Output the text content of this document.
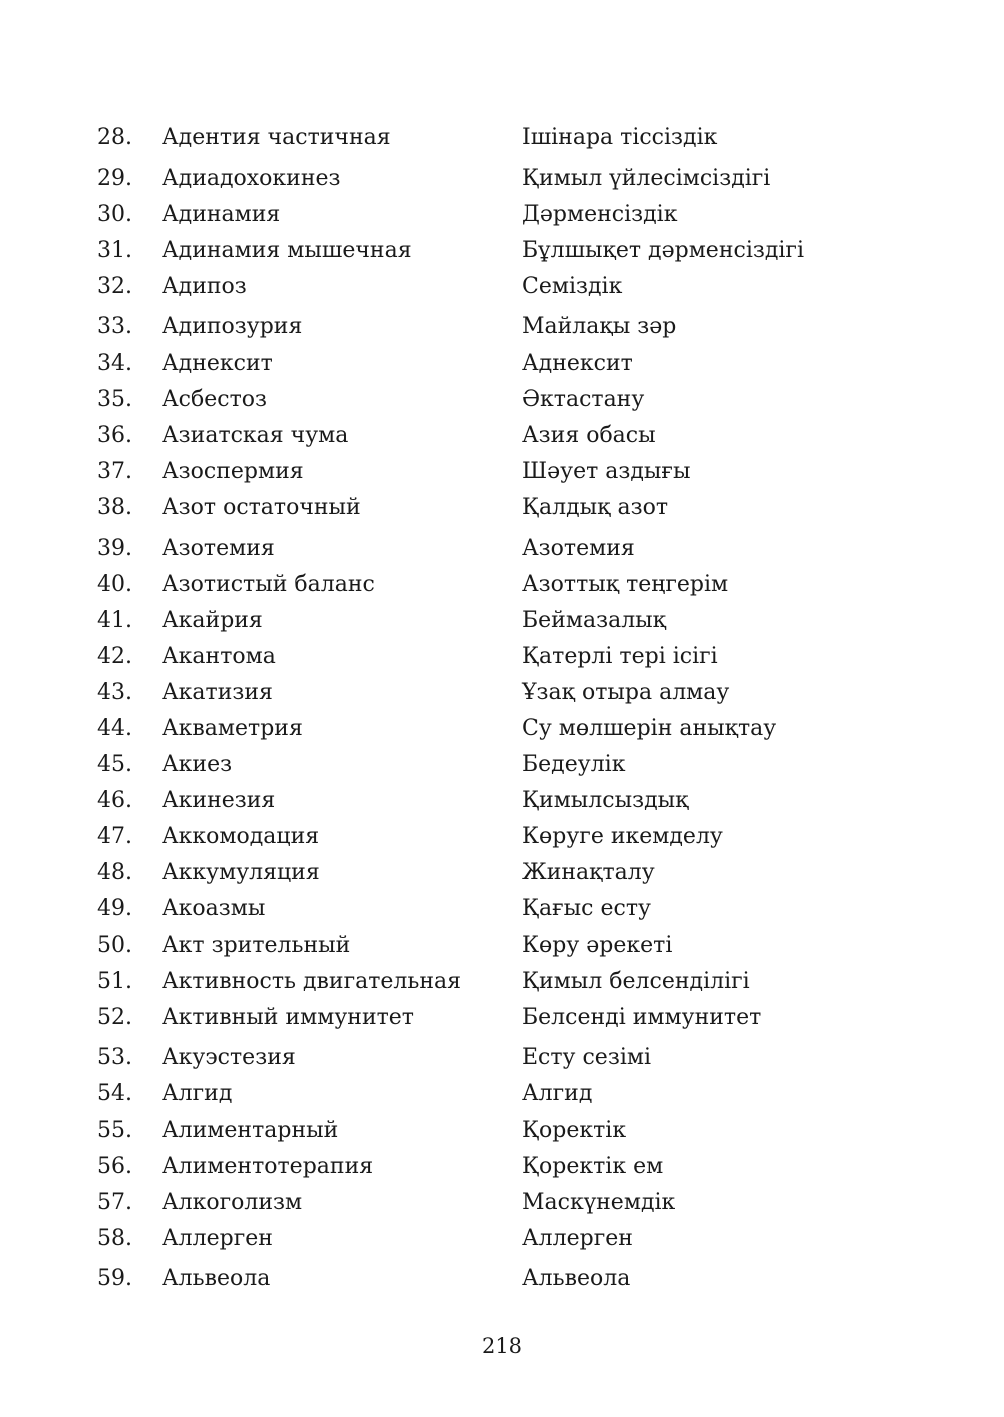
28. Адентия частичная	Ішінара тіссіздік
29. Адиадохокинез	Қимыл үйлесімсіздігі
30. Адинамия	Дәрменсіздік
31. Адинамия мышечная	Бұлшықет дәрменсіздігі
32. Адипоз	Семіздік
33. Адипозурия	Майлақы зәр
34. Аднексит	Аднексит
35. Асбестоз	Әктастану
36. Азиатская чума	Азия обасы
37. Азоспермия	Шәует аздығы
38. Азот остаточный	Қалдық азот
39. Азотемия	Азотемия
40. Азотистый баланс	Азоттық теңгерім
41. Акайрия	Беймазалық
42. Акантома	Қатерлі тері ісігі
43. Акатизия	Ұзақ отыра алмау
44. Акваметрия	Су мөлшерін анықтау
45. Акиез	Бедеулік
46. Акинезия	Қимылсыздық
47. Аккомодация	Көруге икемделу
48. Аккумуляция	Жинақталу
49. Акоазмы	Қағыс есту
50. Акт зрительный	Көру әрекеті
51. Активность двигательная	Қимыл белсенділігі
52. Активный иммунитет	Белсенді иммунитет
53. Акуэстезия	Есту сезімі
54. Алгид	Алгид
55. Алиментарный	Қоректік
56. Алиментотерапия	Қоректік ем
57. Алкоголизм	Маскүнемдік
58. Аллерген	Аллерген
59. Альвеола	Альвеола
218
